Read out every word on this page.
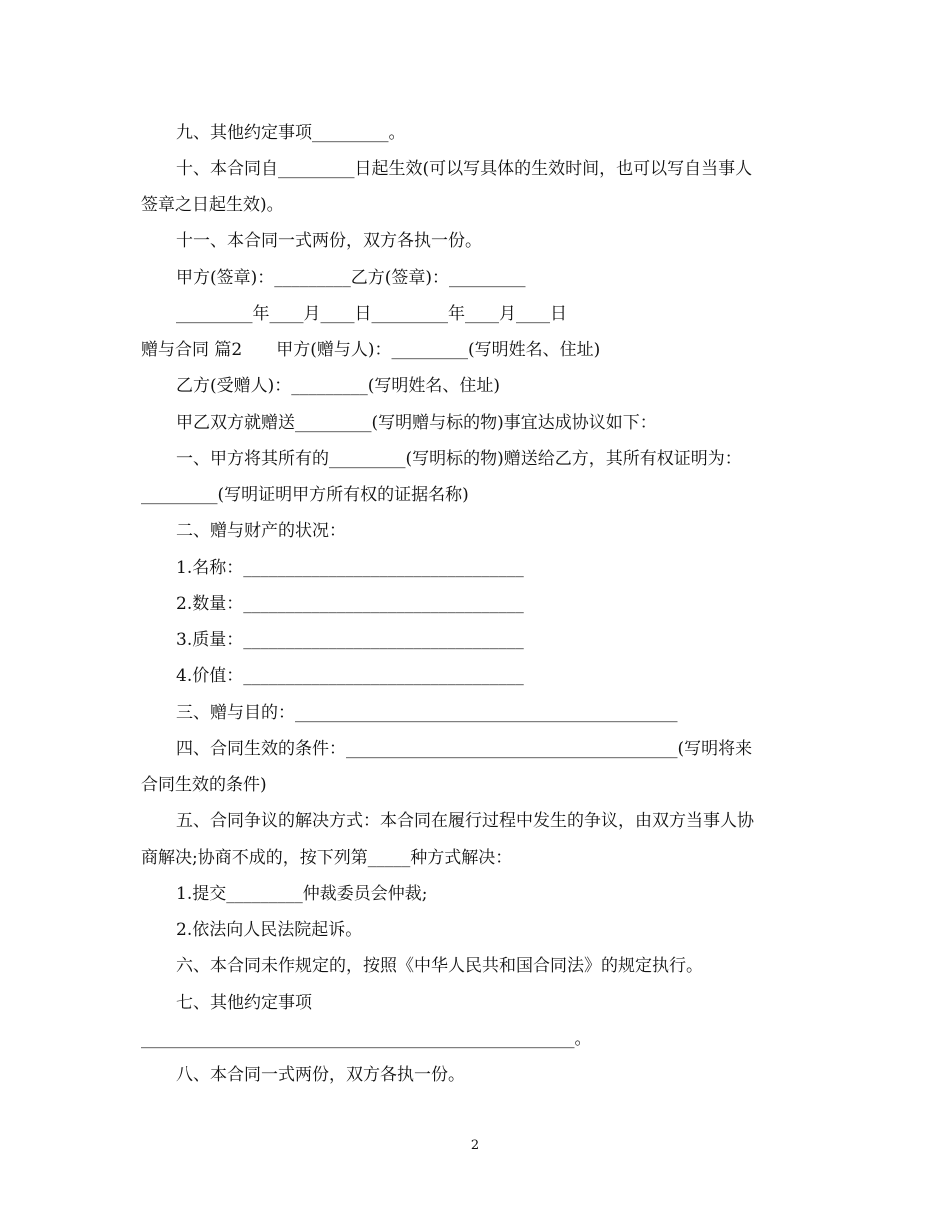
九、其他约定事项_________。
十、本合同自_________日起生效(可以写具体的生效时间，也可以写自当事人
签章之日起生效)。
十一、本合同一式两份，双方各执一份。
甲方(签章)：_________乙方(签章)：_________
_________年____月____日_________年____月____日
赠与合同 篇2　　甲方(赠与人)：_________(写明姓名、住址)
乙方(受赠人)：_________(写明姓名、住址)
甲乙双方就赠送_________(写明赠与标的物)事宜达成协议如下：
一、甲方将其所有的_________(写明标的物)赠送给乙方，其所有权证明为：
_________(写明证明甲方所有权的证据名称)
二、赠与财产的状况：
1.名称：_________________________________
2.数量：_________________________________
3.质量：_________________________________
4.价值：_________________________________
三、赠与目的：_____________________________________________
四、合同生效的条件：_______________________________________(写明将来
合同生效的条件)
五、合同争议的解决方式：本合同在履行过程中发生的争议，由双方当事人协
商解决;协商不成的，按下列第_____种方式解决：
1.提交_________仲裁委员会仲裁;
2.依法向人民法院起诉。
六、本合同未作规定的，按照《中华人民共和国合同法》的规定执行。
七、其他约定事项
___________________________________________________。
八、本合同一式两份，双方各执一份。
2
